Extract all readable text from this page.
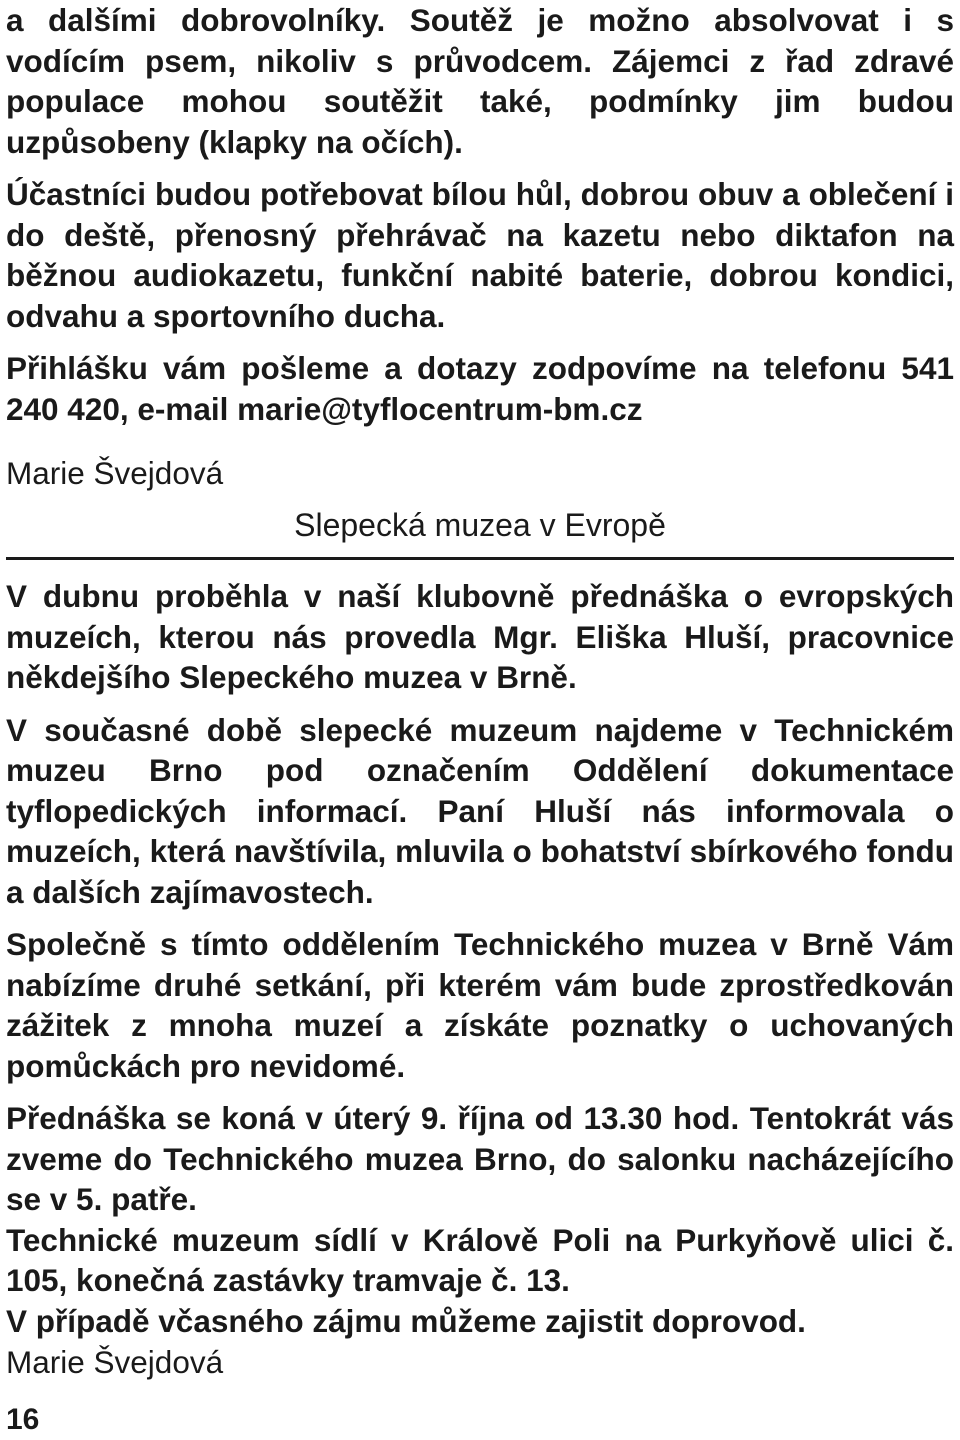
a dalšími dobrovolníky. Soutěž je možno absolvovat i s vodícím psem, nikoliv s průvodcem. Zájemci z řad zdravé populace mohou soutěžit také, podmínky jim budou uzpůsobeny (klapky na očích).

Účastníci budou potřebovat bílou hůl, dobrou obuv a oblečení i do deště, přenosný přehrávač na kazetu nebo diktafon na běžnou audiokazetu, funkční nabité baterie, dobrou kondici, odvahu a sportovního ducha.

Přihlášku vám pošleme a dotazy zodpovíme na telefonu 541 240 420, e-mail marie@tyflocentrum-bm.cz

Marie Švejdová

Slepecká muzea v Evropě

V dubnu proběhla v naší klubovně přednáška o evropských muzeích, kterou nás provedla Mgr. Eliška Hluší, pracovnice někdejšího Slepeckého muzea v Brně.

V současné době slepecké muzeum najdeme v Technickém muzeu Brno pod označením Oddělení dokumentace tyflopedických informací. Paní Hluší nás informovala o muzeích, která navštívila, mluvila o bohatství sbírkového fondu a dalších zajímavostech.

Společně s tímto oddělením Technického muzea v Brně Vám nabízíme druhé setkání, při kterém vám bude zprostředkován zážitek z mnoha muzeí a získáte poznatky o uchovaných pomůckách pro nevidomé.

Přednáška se koná v úterý 9. října od 13.30 hod. Tentokrát vás zveme do Technického muzea Brno, do salonku nacházejícího se v 5. patře.

Technické muzeum sídlí v Králově Poli na Purkyňově ulici č. 105, konečná zastávky tramvaje č. 13.

V případě včasného zájmu můžeme zajistit doprovod.

Marie Švejdová

16
